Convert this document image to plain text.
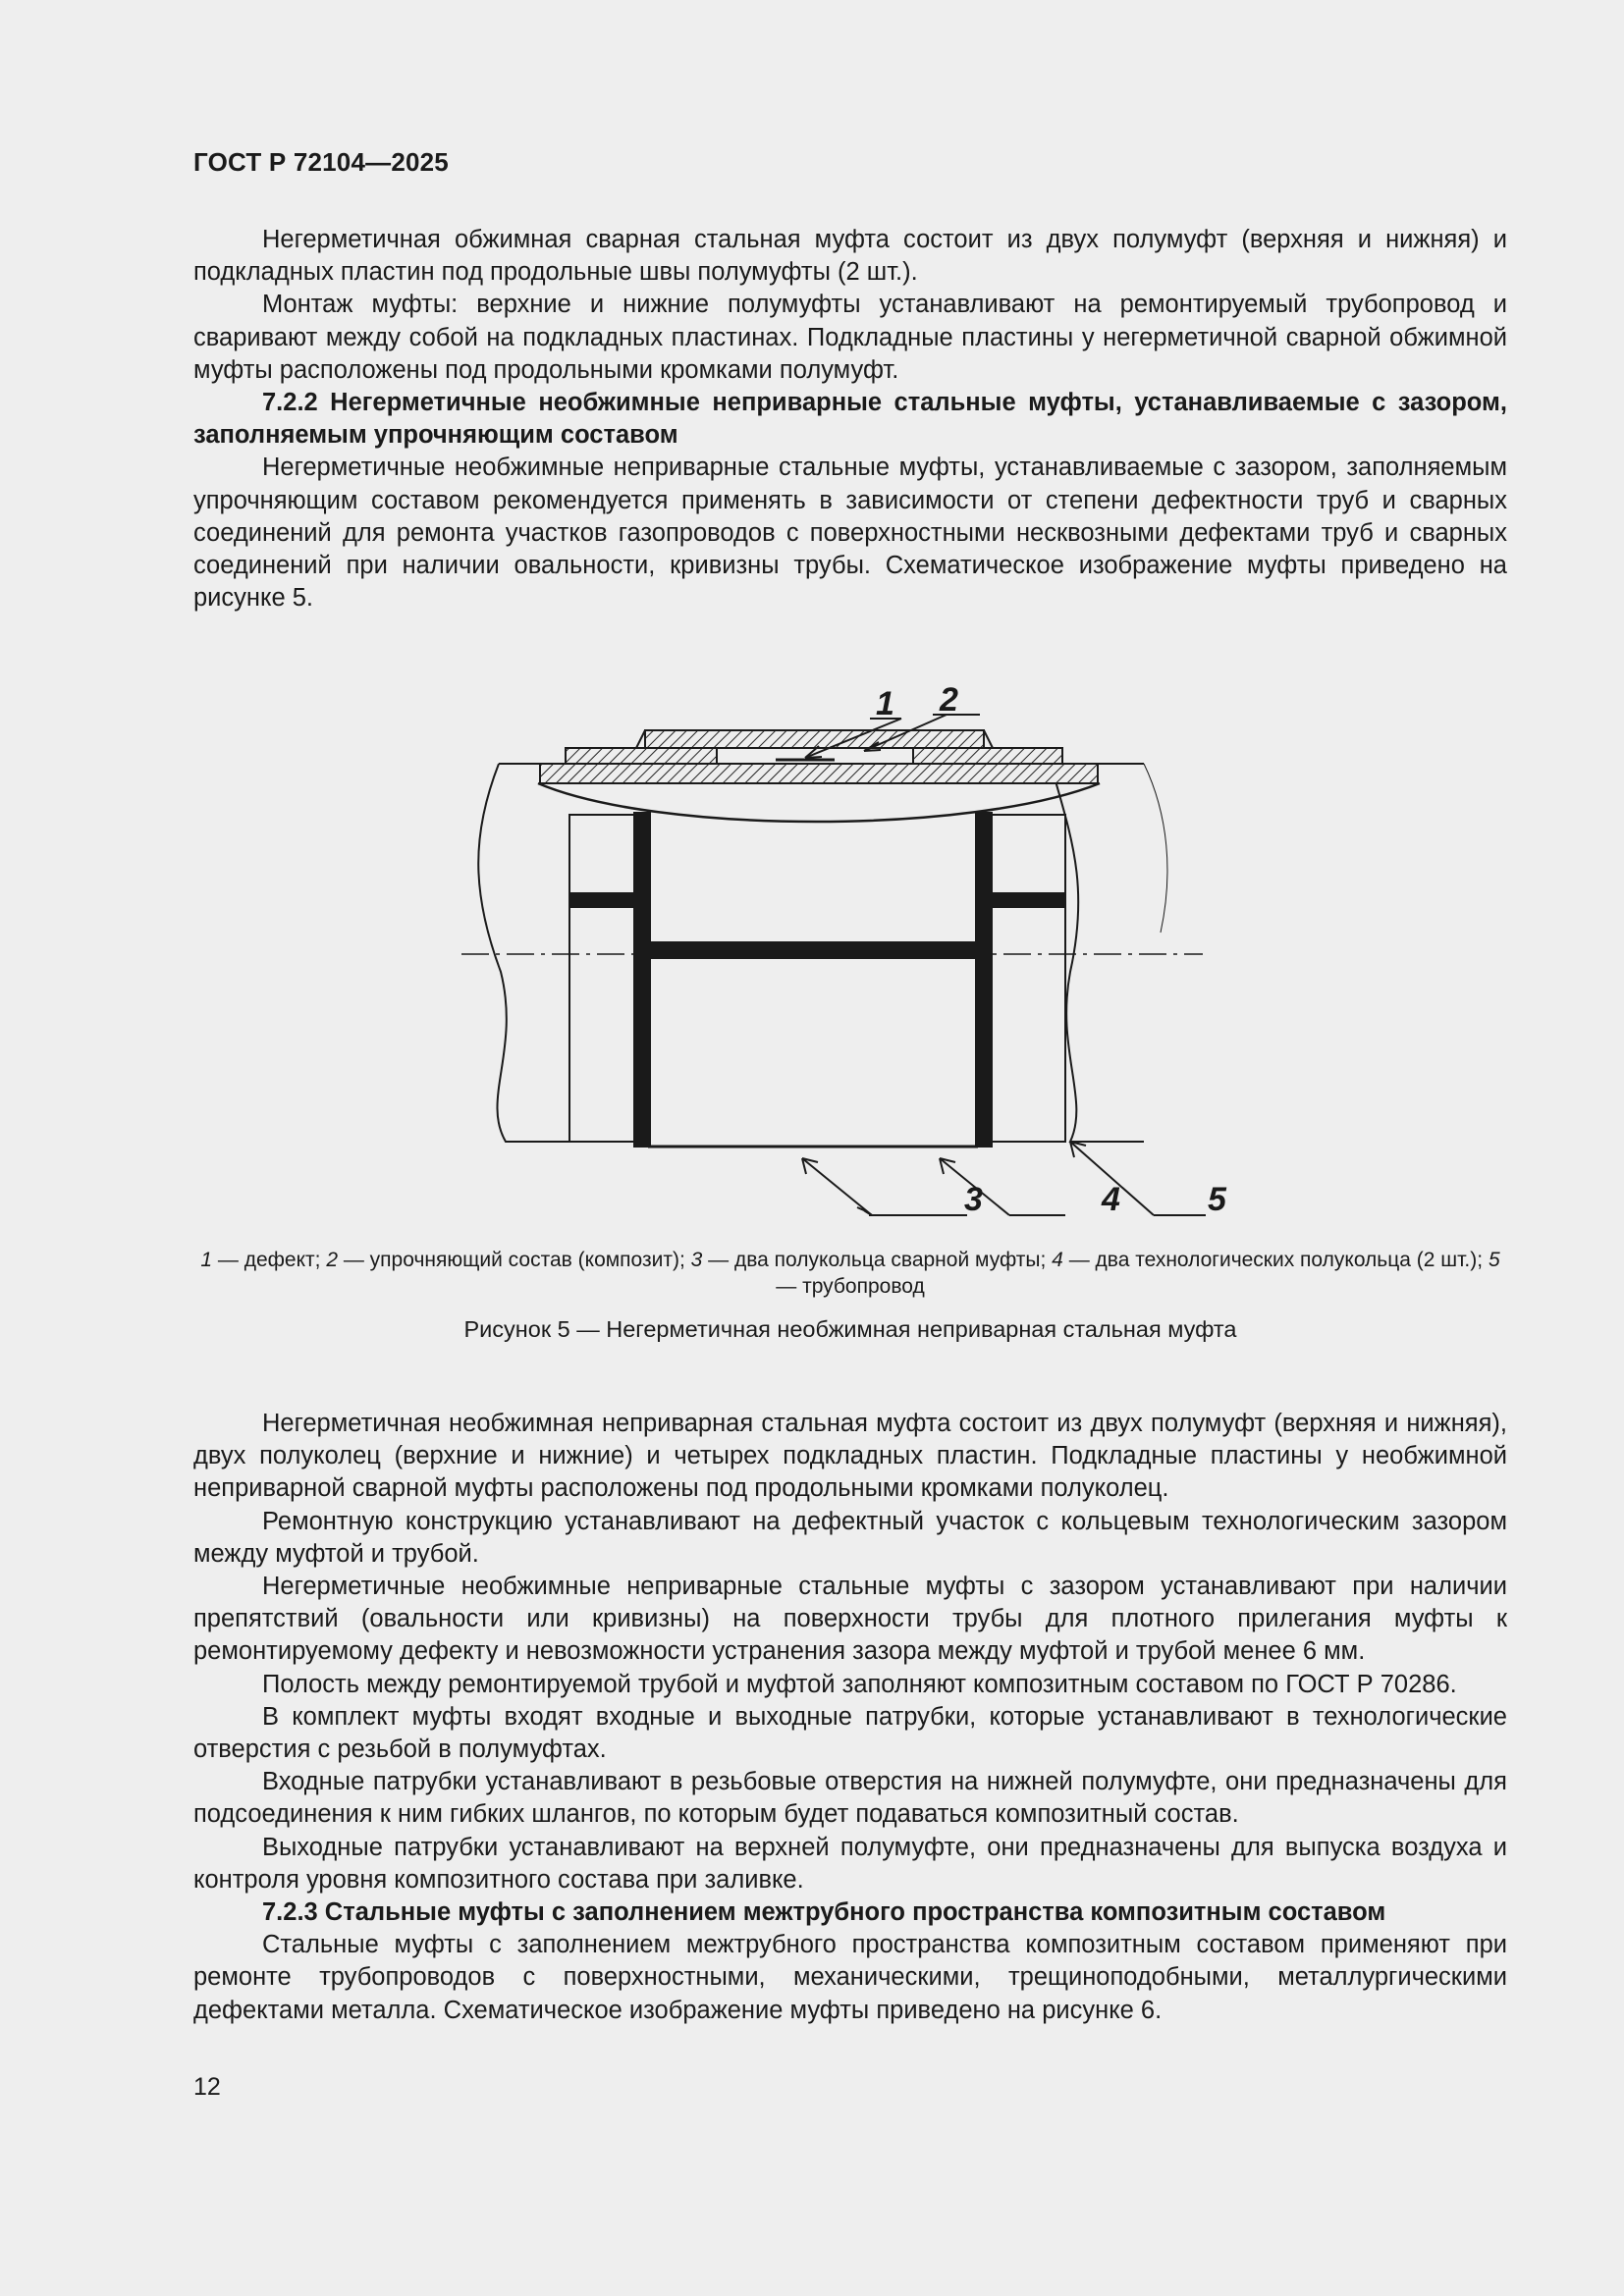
ГОСТ Р 72104—2025

Негерметичная обжимная сварная стальная муфта состоит из двух полумуфт (верхняя и нижняя) и подкладных пластин под продольные швы полумуфты (2 шт.).

Монтаж муфты: верхние и нижние полумуфты устанавливают на ремонтируемый трубопровод и сваривают между собой на подкладных пластинах. Подкладные пластины у негерметичной сварной обжимной муфты расположены под продольными кромками полумуфт.

7.2.2 Негерметичные необжимные неприварные стальные муфты, устанавливаемые с зазором, заполняемым упрочняющим составом

Негерметичные необжимные неприварные стальные муфты, устанавливаемые с зазором, заполняемым упрочняющим составом рекомендуется применять в зависимости от степени дефектности труб и сварных соединений для ремонта участков газопроводов с поверхностными несквозными дефектами труб и сварных соединений при наличии овальности, кривизны трубы. Схематическое изображение муфты приведено на рисунке 5.

1 2
3	4	5
1 — дефект; 2 — упрочняющий состав (композит); 3 — два полукольца сварной муфты; 4 — два технологических полукольца (2 шт.); 5 — трубопровод
Рисунок 5 — Негерметичная необжимная неприварная стальная муфта

Негерметичная необжимная неприварная стальная муфта состоит из двух полумуфт (верхняя и нижняя), двух полуколец (верхние и нижние) и четырех подкладных пластин. Подкладные пластины у необжимной неприварной сварной муфты расположены под продольными кромками полуколец.

Ремонтную конструкцию устанавливают на дефектный участок с кольцевым технологическим зазором между муфтой и трубой.

Негерметичные необжимные неприварные стальные муфты с зазором устанавливают при наличии препятствий (овальности или кривизны) на поверхности трубы для плотного прилегания муфты к ремонтируемому дефекту и невозможности устранения зазора между муфтой и трубой менее 6 мм.

Полость между ремонтируемой трубой и муфтой заполняют композитным составом по ГОСТ Р 70286.

В комплект муфты входят входные и выходные патрубки, которые устанавливают в технологические отверстия с резьбой в полумуфтах.

Входные патрубки устанавливают в резьбовые отверстия на нижней полумуфте, они предназначены для подсоединения к ним гибких шлангов, по которым будет подаваться композитный состав.

Выходные патрубки устанавливают на верхней полумуфте, они предназначены для выпуска воздуха и контроля уровня композитного состава при заливке.

7.2.3 Стальные муфты с заполнением межтрубного пространства композитным составом

Стальные муфты с заполнением межтрубного пространства композитным составом применяют при ремонте трубопроводов с поверхностными, механическими, трещиноподобными, металлургическими дефектами металла. Схематическое изображение муфты приведено на рисунке 6.

12
